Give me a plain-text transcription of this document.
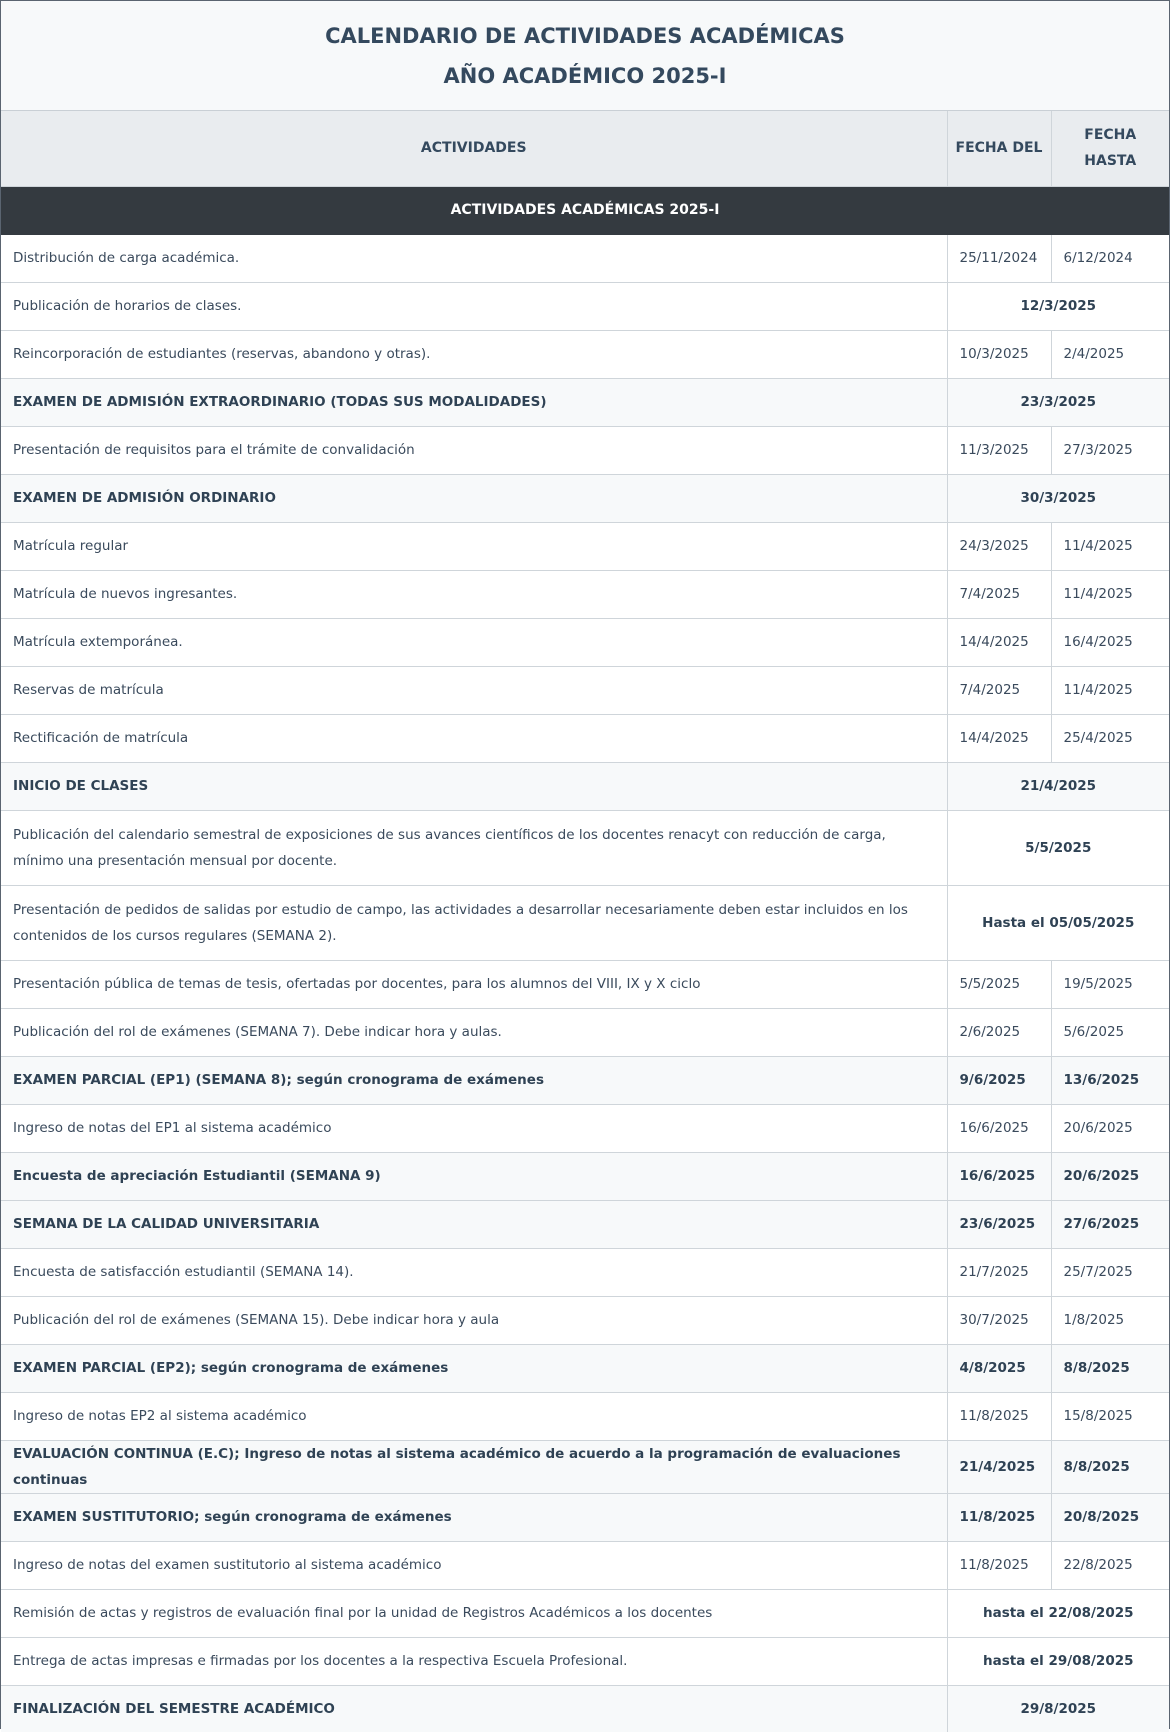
CALENDARIO DE ACTIVIDADES ACADÉMICAS
AÑO ACADÉMICO 2025-I
ACTIVIDADES	FECHA DEL	FECHA
HASTA
ACTIVIDADES ACADÉMICAS 2025-I		
Distribución de carga académica.	25/11/2024	6/12/2024
Publicación de horarios de clases.	12/3/2025	
Reincorporación de estudiantes (reservas, abandono y otras).	10/3/2025	2/4/2025
EXAMEN DE ADMISIÓN EXTRAORDINARIO (TODAS SUS MODALIDADES)	23/3/2025	
Presentación de requisitos para el trámite de convalidación	11/3/2025	27/3/2025
EXAMEN DE ADMISIÓN ORDINARIO	30/3/2025	
Matrícula regular	24/3/2025	11/4/2025
Matrícula de nuevos ingresantes.	7/4/2025	11/4/2025
Matrícula extemporánea.	14/4/2025	16/4/2025
Reservas de matrícula	7/4/2025	11/4/2025
Rectificación de matrícula	14/4/2025	25/4/2025
INICIO DE CLASES	21/4/2025	
Publicación del calendario semestral de exposiciones de sus avances científicos de los docentes renacyt con reducción de carga, mínimo una presentación mensual por docente.	5/5/2025	
Presentación de pedidos de salidas por estudio de campo, las actividades a desarrollar necesariamente deben estar incluidos en los contenidos de los cursos regulares (SEMANA 2).	Hasta el 05/05/2025	
Presentación pública de temas de tesis, ofertadas por docentes, para los alumnos del VIII, IX y X ciclo	5/5/2025	19/5/2025
Publicación del rol de exámenes (SEMANA 7). Debe indicar hora y aulas.	2/6/2025	5/6/2025
EXAMEN PARCIAL (EP1) (SEMANA 8); según cronograma de exámenes	9/6/2025	13/6/2025
Ingreso de notas del EP1 al sistema académico	16/6/2025	20/6/2025
Encuesta de apreciación Estudiantil (SEMANA 9)	16/6/2025	20/6/2025
SEMANA DE LA CALIDAD UNIVERSITARIA	23/6/2025	27/6/2025
Encuesta de satisfacción estudiantil (SEMANA 14).	21/7/2025	25/7/2025
Publicación del rol de exámenes (SEMANA 15). Debe indicar hora y aula	30/7/2025	1/8/2025
EXAMEN PARCIAL (EP2); según cronograma de exámenes	4/8/2025	8/8/2025
Ingreso de notas EP2 al sistema académico	11/8/2025	15/8/2025
EVALUACIÓN CONTINUA (E.C); Ingreso de notas al sistema académico de acuerdo a la programación de evaluaciones continuas	21/4/2025	8/8/2025
EXAMEN SUSTITUTORIO; según cronograma de exámenes	11/8/2025	20/8/2025
Ingreso de notas del examen sustitutorio al sistema académico	11/8/2025	22/8/2025
Remisión de actas y registros de evaluación final por la unidad de Registros Académicos a los docentes	hasta el 22/08/2025	
Entrega de actas impresas e firmadas por los docentes a la respectiva Escuela Profesional.	hasta el 29/08/2025	
FINALIZACIÓN DEL SEMESTRE ACADÉMICO	29/8/2025	
